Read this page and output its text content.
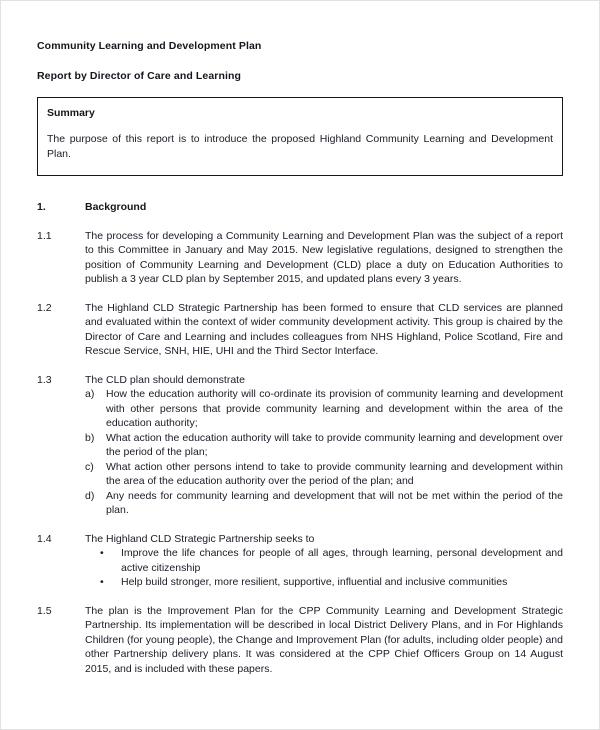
Community Learning and Development Plan
Report by Director of Care and Learning
Summary
The purpose of this report is to introduce the proposed Highland Community Learning and Development Plan.
1.	Background
1.1	The process for developing a Community Learning and Development Plan was the subject of a report to this Committee in January and May 2015. New legislative regulations, designed to strengthen the position of Community Learning and Development (CLD) place a duty on Education Authorities to publish a 3 year CLD plan by September 2015, and updated plans every 3 years.
1.2	The Highland CLD Strategic Partnership has been formed to ensure that CLD services are planned and evaluated within the context of wider community development activity. This group is chaired by the Director of Care and Learning and includes colleagues from NHS Highland, Police Scotland, Fire and Rescue Service, SNH, HIE, UHI and the Third Sector Interface.
1.3	The CLD plan should demonstrate
a)	How the education authority will co-ordinate its provision of community learning and development with other persons that provide community learning and development within the area of the education authority;
b)	What action the education authority will take to provide community learning and development over the period of the plan;
c)	What action other persons intend to take to provide community learning and development within the area of the education authority over the period of the plan; and
d)	Any needs for community learning and development that will not be met within the period of the plan.
1.4	The Highland CLD Strategic Partnership seeks to
•	Improve the life chances for people of all ages, through learning, personal development and active citizenship
•	Help build stronger, more resilient, supportive, influential and inclusive communities
1.5	The plan is the Improvement Plan for the CPP Community Learning and Development Strategic Partnership. Its implementation will be described in local District Delivery Plans, and in For Highlands Children (for young people), the Change and Improvement Plan (for adults, including older people) and other Partnership delivery plans. It was considered at the CPP Chief Officers Group on 14 August 2015, and is included with these papers.
